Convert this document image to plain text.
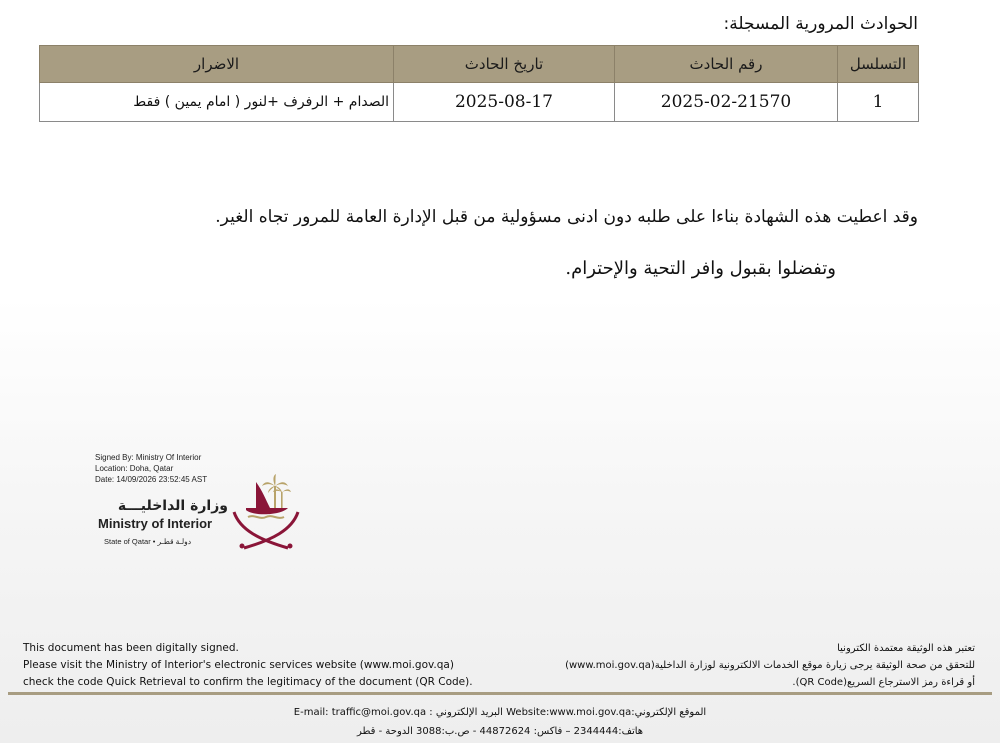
الحوادث المرورية المسجلة:
التسلسل	رقم الحادث	تاريخ الحادث	الاضرار
1	2025-02-21570	2025-08-17	الصدام + الرفرف +لنور ( امام يمين ) فقط
وقد اعطيت هذه الشهادة بناءا على طلبه دون ادنى مسؤولية من قبل الإدارة العامة للمرور تجاه الغير.
وتفضلوا بقبول وافر التحية والإحترام.
Signed By: Ministry Of Interior
Location: Doha, Qatar
Date: 14/09/2026 23:52:45 AST
وزارة الداخليـــة
Ministry of Interior
State of Qatar • دولـة قطـر
This document has been digitally signed.
Please visit the Ministry of Interior's electronic services website (www.moi.gov.qa)
check the code Quick Retrieval to confirm the legitimacy of the document (QR Code).
تعتبر هذه الوثيقة معتمدة الكترونيا
للتحقق من صحة الوثيقة يرجى زيارة موقع الخدمات الالكترونية لوزارة الداخلية(www.moi.gov.qa)
أو قراءة رمز الاسترجاع السريع(QR Code).
E-mail: traffic@moi.gov.qa : البريد الإلكتروني Website:www.moi.gov.qa:الموقع الإلكتروني
هاتف:2344444 – فاكس: 44872624 - ص.ب:3088 الدوحة - قطر
